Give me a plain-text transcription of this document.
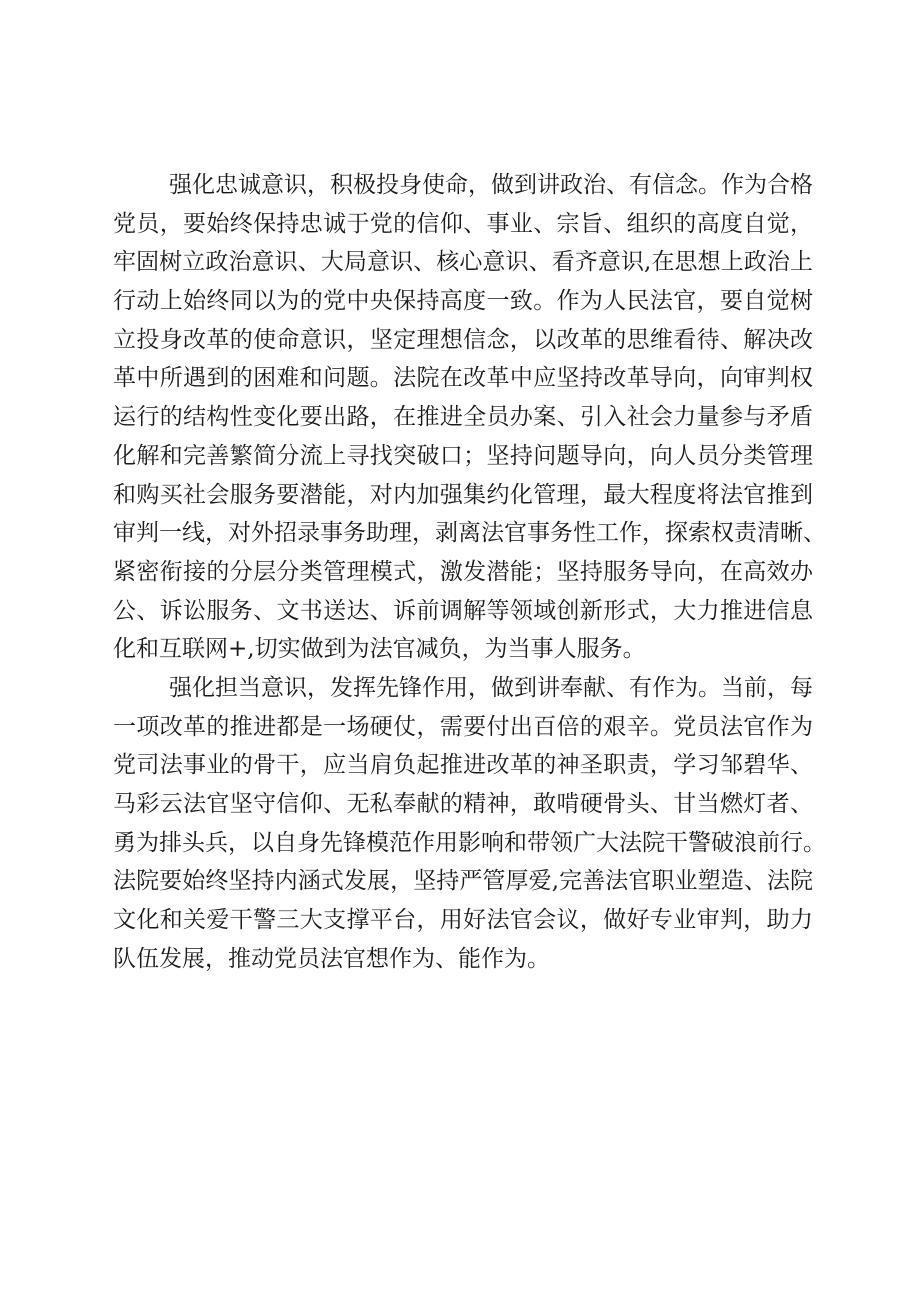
强化忠诚意识，积极投身使命，做到讲政治、有信念。作为合格
党员，要始终保持忠诚于党的信仰、事业、宗旨、组织的高度自觉，
牢固树立政治意识、大局意识、核心意识、看齐意识,在思想上政治上
行动上始终同以为的党中央保持高度一致。作为人民法官，要自觉树
立投身改革的使命意识，坚定理想信念，以改革的思维看待、解决改
革中所遇到的困难和问题。法院在改革中应坚持改革导向，向审判权
运行的结构性变化要出路，在推进全员办案、引入社会力量参与矛盾
化解和完善繁简分流上寻找突破口；坚持问题导向，向人员分类管理
和购买社会服务要潜能，对内加强集约化管理，最大程度将法官推到
审判一线，对外招录事务助理，剥离法官事务性工作，探索权责清晰、
紧密衔接的分层分类管理模式，激发潜能；坚持服务导向，在高效办
公、诉讼服务、文书送达、诉前调解等领域创新形式，大力推进信息
化和互联网+,切实做到为法官减负，为当事人服务。
强化担当意识，发挥先锋作用，做到讲奉献、有作为。当前，每
一项改革的推进都是一场硬仗，需要付出百倍的艰辛。党员法官作为
党司法事业的骨干，应当肩负起推进改革的神圣职责，学习邹碧华、
马彩云法官坚守信仰、无私奉献的精神，敢啃硬骨头、甘当燃灯者、
勇为排头兵，以自身先锋模范作用影响和带领广大法院干警破浪前行。
法院要始终坚持内涵式发展，坚持严管厚爱,完善法官职业塑造、法院
文化和关爱干警三大支撑平台，用好法官会议，做好专业审判，助力
队伍发展，推动党员法官想作为、能作为。
